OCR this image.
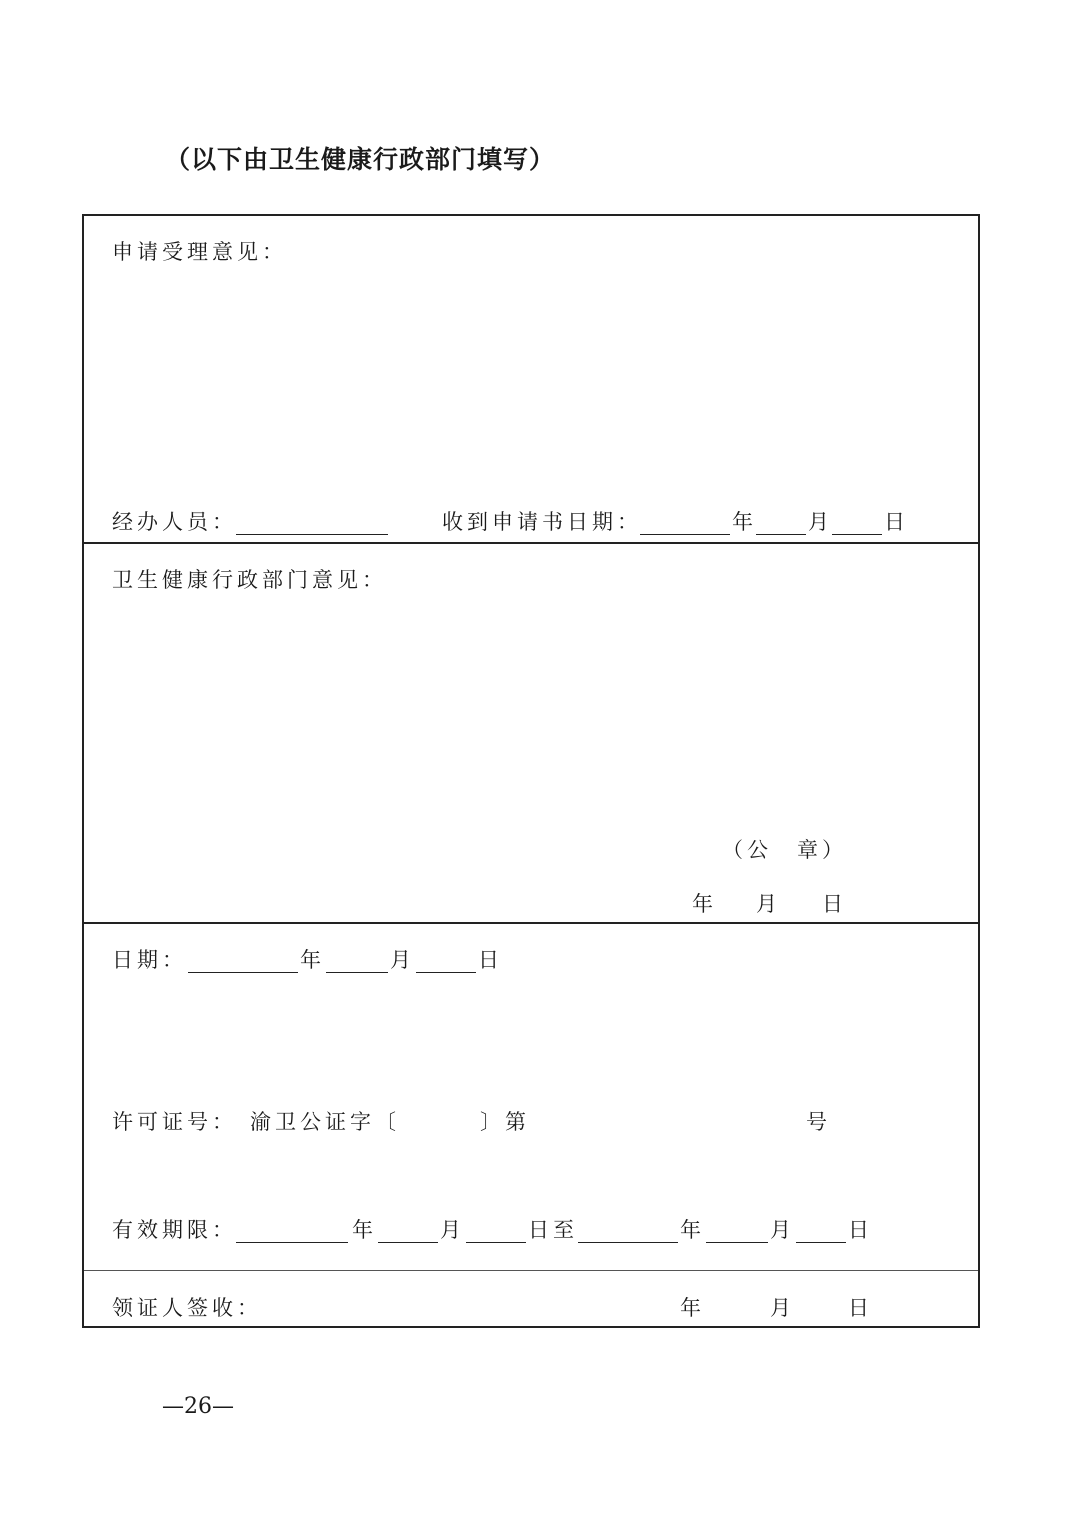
（以下由卫生健康行政部门填写）
申请受理意见：
经办人员：	收到申请书日期：	年 月 日
卫生健康行政部门意见：
（公　章）
年 月 日
日期：	年	月	日
许可证号： 渝卫公证字〔	〕第	号
有效期限：	年	月	日至	年	月	日
领证人签收：	年	月	日
—26—
